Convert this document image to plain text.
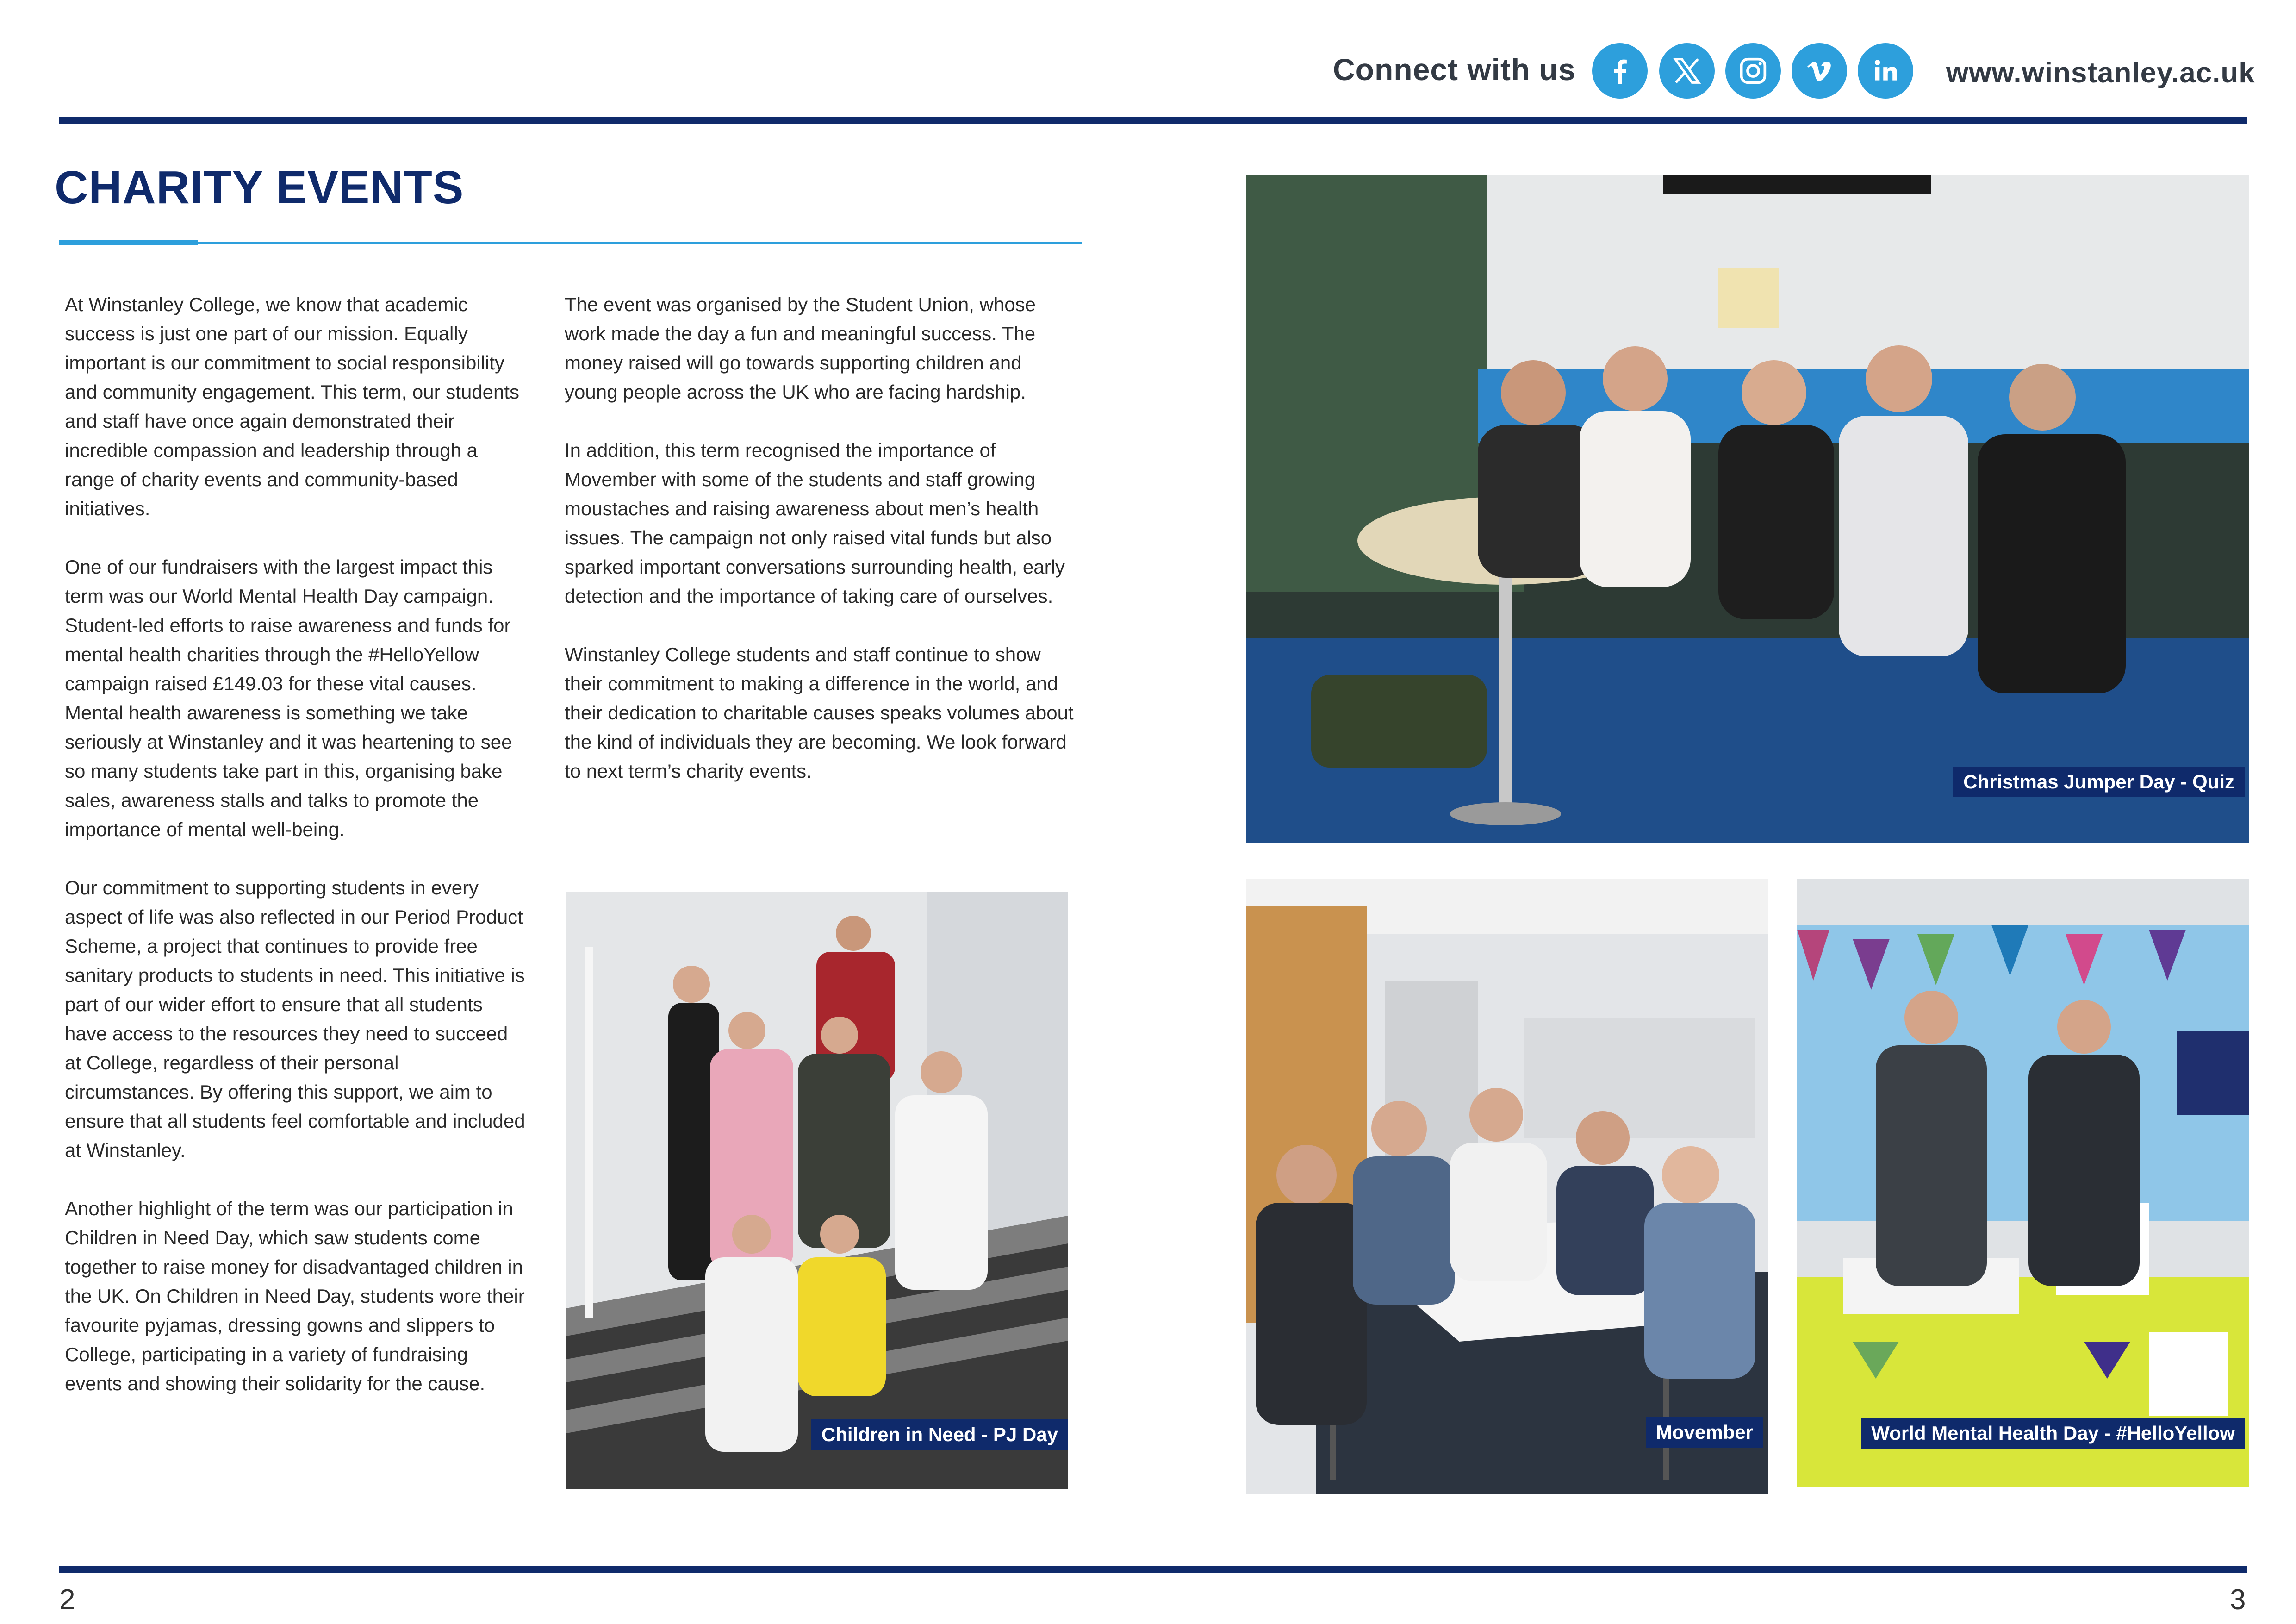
Connect with us	www.winstanley.ac.uk
CHARITY EVENTS

At Winstanley College, we know that academic success is just one part of our mission. Equally important is our commitment to social responsibility and community engagement. This term, our students and staff have once again demonstrated their incredible compassion and leadership through a range of charity events and community-based initiatives.

One of our fundraisers with the largest impact this term was our World Mental Health Day campaign. Student-led efforts to raise awareness and funds for mental health charities through the #HelloYellow campaign raised £149.03 for these vital causes. Mental health awareness is something we take seriously at Winstanley and it was heartening to see so many students take part in this, organising bake sales, awareness stalls and talks to promote the importance of mental well-being.

Our commitment to supporting students in every aspect of life was also reflected in our Period Product Scheme, a project that continues to provide free sanitary products to students in need. This initiative is part of our wider effort to ensure that all students have access to the resources they need to succeed at College, regardless of their personal circumstances. By offering this support, we aim to ensure that all students feel comfortable and included at Winstanley.

Another highlight of the term was our participation in Children in Need Day, which saw students come together to raise money for disadvantaged children in the UK. On Children in Need Day, students wore their favourite pyjamas, dressing gowns and slippers to College, participating in a variety of fundraising events and showing their solidarity for the cause.

The event was organised by the Student Union, whose work made the day a fun and meaningful success. The money raised will go towards supporting children and young people across the UK who are facing hardship.

In addition, this term recognised the importance of Movember with some of the students and staff growing moustaches and raising awareness about men’s health issues. The campaign not only raised vital funds but also sparked important conversations surrounding health, early detection and the importance of taking care of ourselves.

Winstanley College students and staff continue to show their commitment to making a difference in the world, and their dedication to charitable causes speaks volumes about the kind of individuals they are becoming. We look forward to next term’s charity events.	Christmas Jumper Day - Quiz
Children in Need - PJ Day	Movember	World Mental Health Day - #HelloYellow
2	3
